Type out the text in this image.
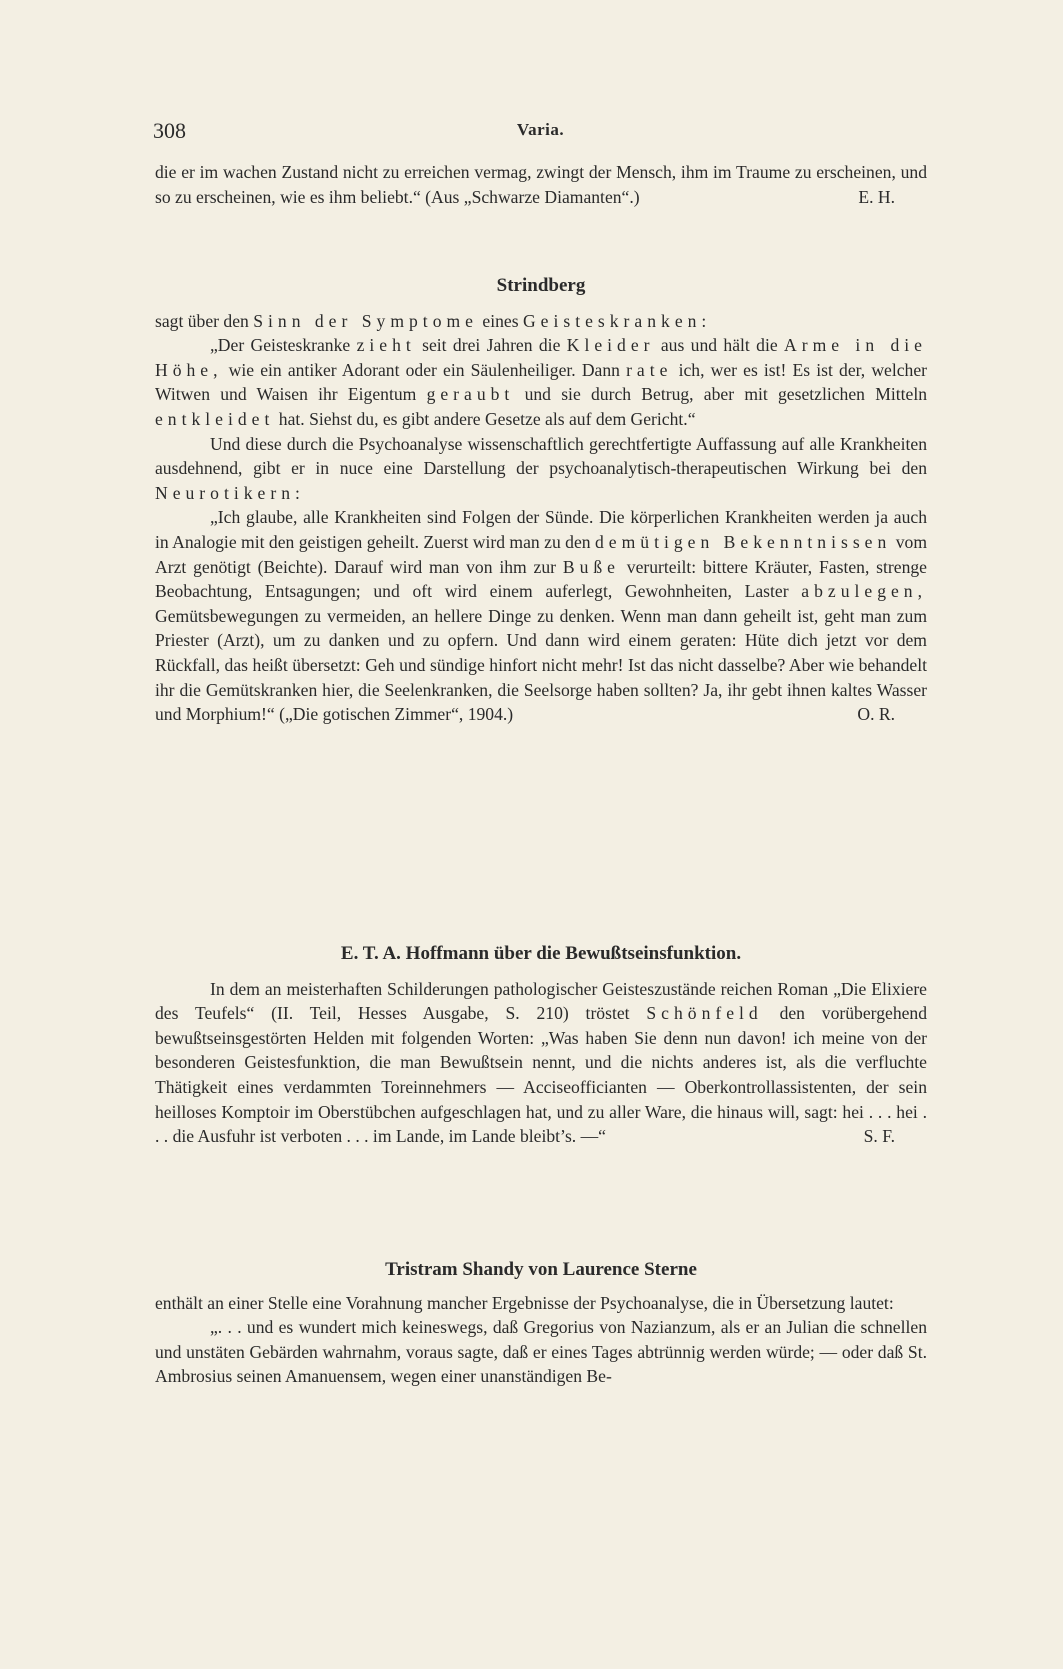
308	Varia.

die er im wachen Zustand nicht zu erreichen vermag, zwingt der Mensch, ihm im Traume zu erscheinen, und so zu erscheinen, wie es ihm beliebt.“ (Aus „Schwarze Diamanten“.)	E. H.

Strindberg

sagt über den Sinn der Symptome eines Geisteskranken:

„Der Geisteskranke zieht seit drei Jahren die Kleider aus und hält die Arme in die Höhe, wie ein antiker Adorant oder ein Säulenheiliger. Dann rate ich, wer es ist! Es ist der, welcher Witwen und Waisen ihr Eigentum geraubt und sie durch Betrug, aber mit gesetzlichen Mitteln entkleidet hat. Siehst du, es gibt andere Gesetze als auf dem Gericht.“

Und diese durch die Psychoanalyse wissenschaftlich gerechtfertigte Auffassung auf alle Krankheiten ausdehnend, gibt er in nuce eine Darstellung der psychoanalytisch-therapeutischen Wirkung bei den Neurotikern:

„Ich glaube, alle Krankheiten sind Folgen der Sünde. Die körperlichen Krankheiten werden ja auch in Analogie mit den geistigen geheilt. Zuerst wird man zu den demütigen Bekenntnissen vom Arzt genötigt (Beichte). Darauf wird man von ihm zur Buße verurteilt: bittere Kräuter, Fasten, strenge Beobachtung, Entsagungen; und oft wird einem auferlegt, Gewohnheiten, Laster abzulegen, Gemütsbewegungen zu vermeiden, an hellere Dinge zu denken. Wenn man dann geheilt ist, geht man zum Priester (Arzt), um zu danken und zu opfern. Und dann wird einem geraten: Hüte dich jetzt vor dem Rückfall, das heißt übersetzt: Geh und sündige hinfort nicht mehr! Ist das nicht dasselbe? Aber wie behandelt ihr die Gemütskranken hier, die Seelenkranken, die Seelsorge haben sollten? Ja, ihr gebt ihnen kaltes Wasser und Morphium!“ („Die gotischen Zimmer“, 1904.)	O. R.

E. T. A. Hoffmann über die Bewußtseinsfunktion.

In dem an meisterhaften Schilderungen pathologischer Geisteszustände reichen Roman „Die Elixiere des Teufels“ (II. Teil, Hesses Ausgabe, S. 210) tröstet Schönfeld den vorübergehend bewußtseinsgestörten Helden mit folgenden Worten: „Was haben Sie denn nun davon! ich meine von der besonderen Geistesfunktion, die man Bewußtsein nennt, und die nichts anderes ist, als die verfluchte Thätigkeit eines verdammten Toreinnehmers — Acciseofficianten — Oberkontrollassistenten, der sein heilloses Komptoir im Oberstübchen aufgeschlagen hat, und zu aller Ware, die hinaus will, sagt: hei . . . hei . . . die Ausfuhr ist verboten . . . im Lande, im Lande bleibt’s. —“	S. F.

Tristram Shandy von Laurence Sterne

enthält an einer Stelle eine Vorahnung mancher Ergebnisse der Psychoanalyse, die in Übersetzung lautet:

„. . . und es wundert mich keineswegs, daß Gregorius von Nazianzum, als er an Julian die schnellen und unstäten Gebärden wahrnahm, voraus sagte, daß er eines Tages abtrünnig werden würde; — oder daß St. Ambrosius seinen Amanuensem, wegen einer unanständigen Be-
